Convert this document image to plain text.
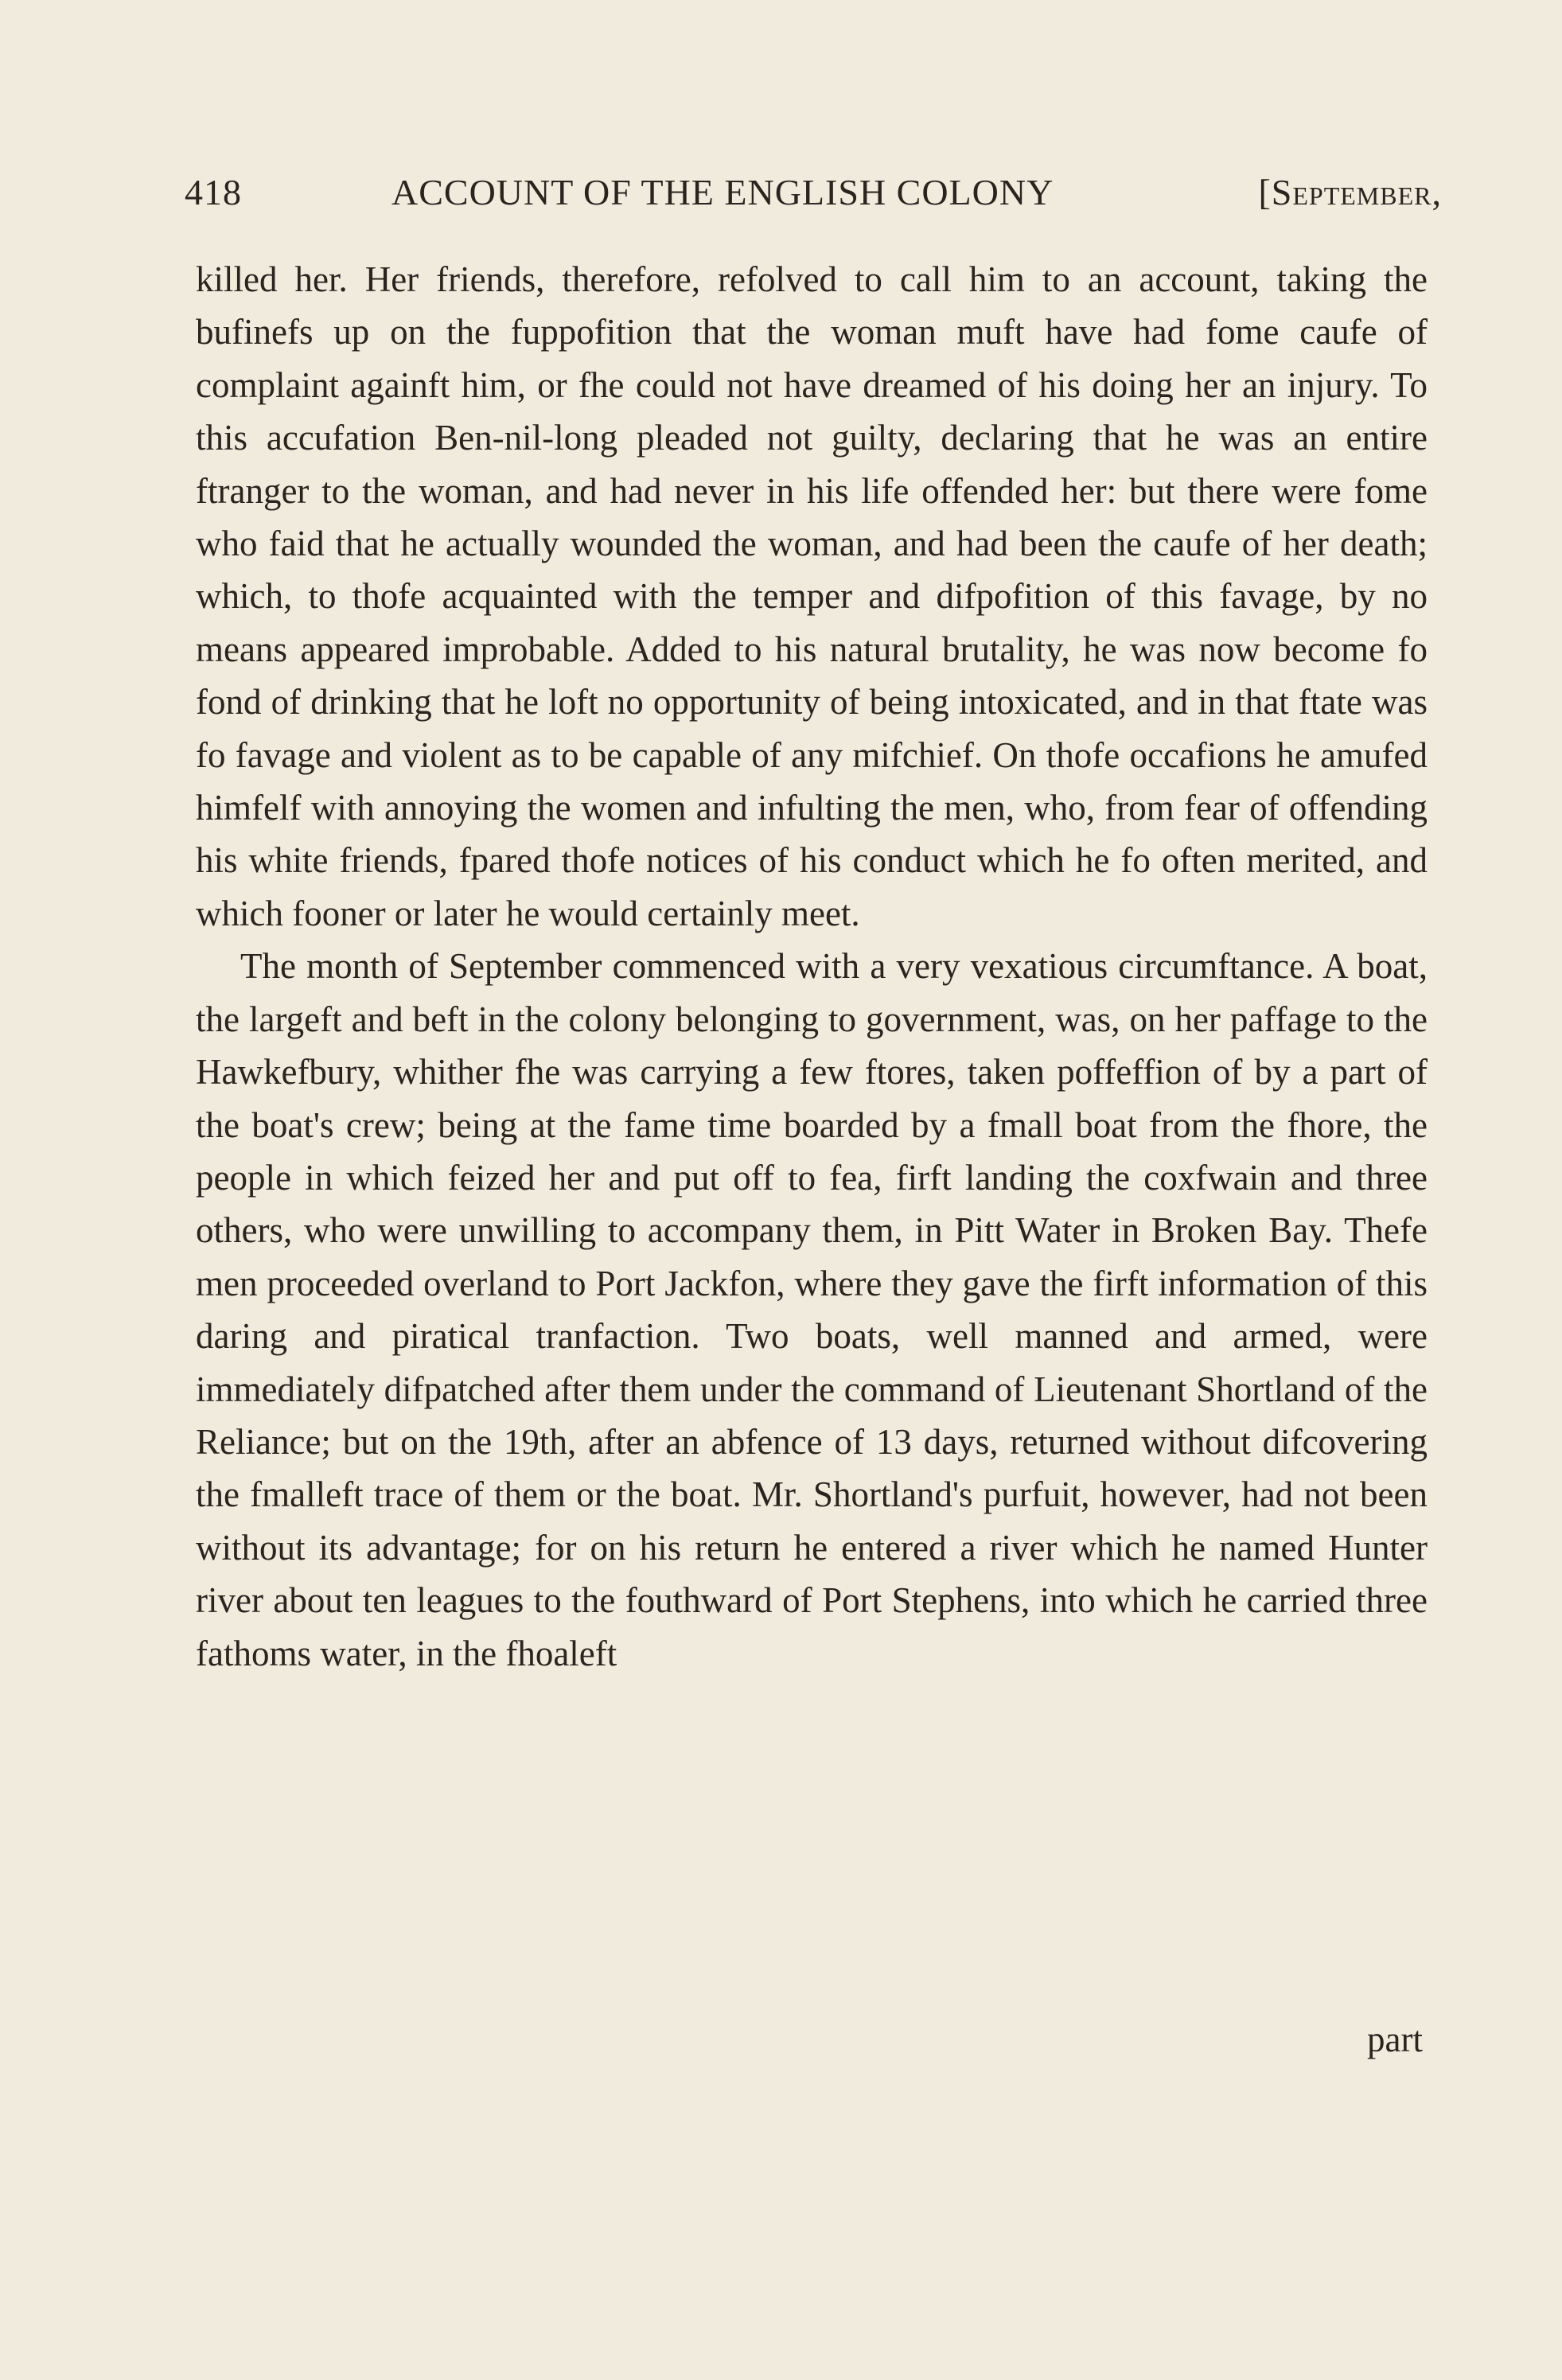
418	ACCOUNT OF THE ENGLISH COLONY	[September,

killed her. Her friends, therefore, refolved to call him to an account, taking the bufinefs up on the fuppofition that the woman muft have had fome caufe of complaint againft him, or fhe could not have dreamed of his doing her an injury. To this accufation Ben-nil-long pleaded not guilty, declaring that he was an entire ftranger to the woman, and had never in his life offended her: but there were fome who faid that he actually wounded the woman, and had been the caufe of her death; which, to thofe acquainted with the temper and difpofition of this favage, by no means appeared improbable. Added to his natural brutality, he was now become fo fond of drinking that he loft no opportunity of being intoxicated, and in that ftate was fo favage and violent as to be capable of any mifchief. On thofe occafions he amufed himfelf with annoying the women and infulting the men, who, from fear of offending his white friends, fpared thofe notices of his conduct which he fo often merited, and which fooner or later he would certainly meet.

The month of September commenced with a very vexatious circumftance. A boat, the largeft and beft in the colony belonging to government, was, on her paffage to the Hawkefbury, whither fhe was carrying a few ftores, taken poffeffion of by a part of the boat's crew; being at the fame time boarded by a fmall boat from the fhore, the people in which feized her and put off to fea, firft landing the coxfwain and three others, who were unwilling to accompany them, in Pitt Water in Broken Bay. Thefe men proceeded overland to Port Jackfon, where they gave the firft information of this daring and piratical tranfaction. Two boats, well manned and armed, were immediately difpatched after them under the command of Lieutenant Shortland of the Reliance; but on the 19th, after an abfence of 13 days, returned without difcovering the fmalleft trace of them or the boat. Mr. Shortland's purfuit, however, had not been without its advantage; for on his return he entered a river which he named Hunter river about ten leagues to the fouthward of Port Stephens, into which he carried three fathoms water, in the fhoaleft

part
